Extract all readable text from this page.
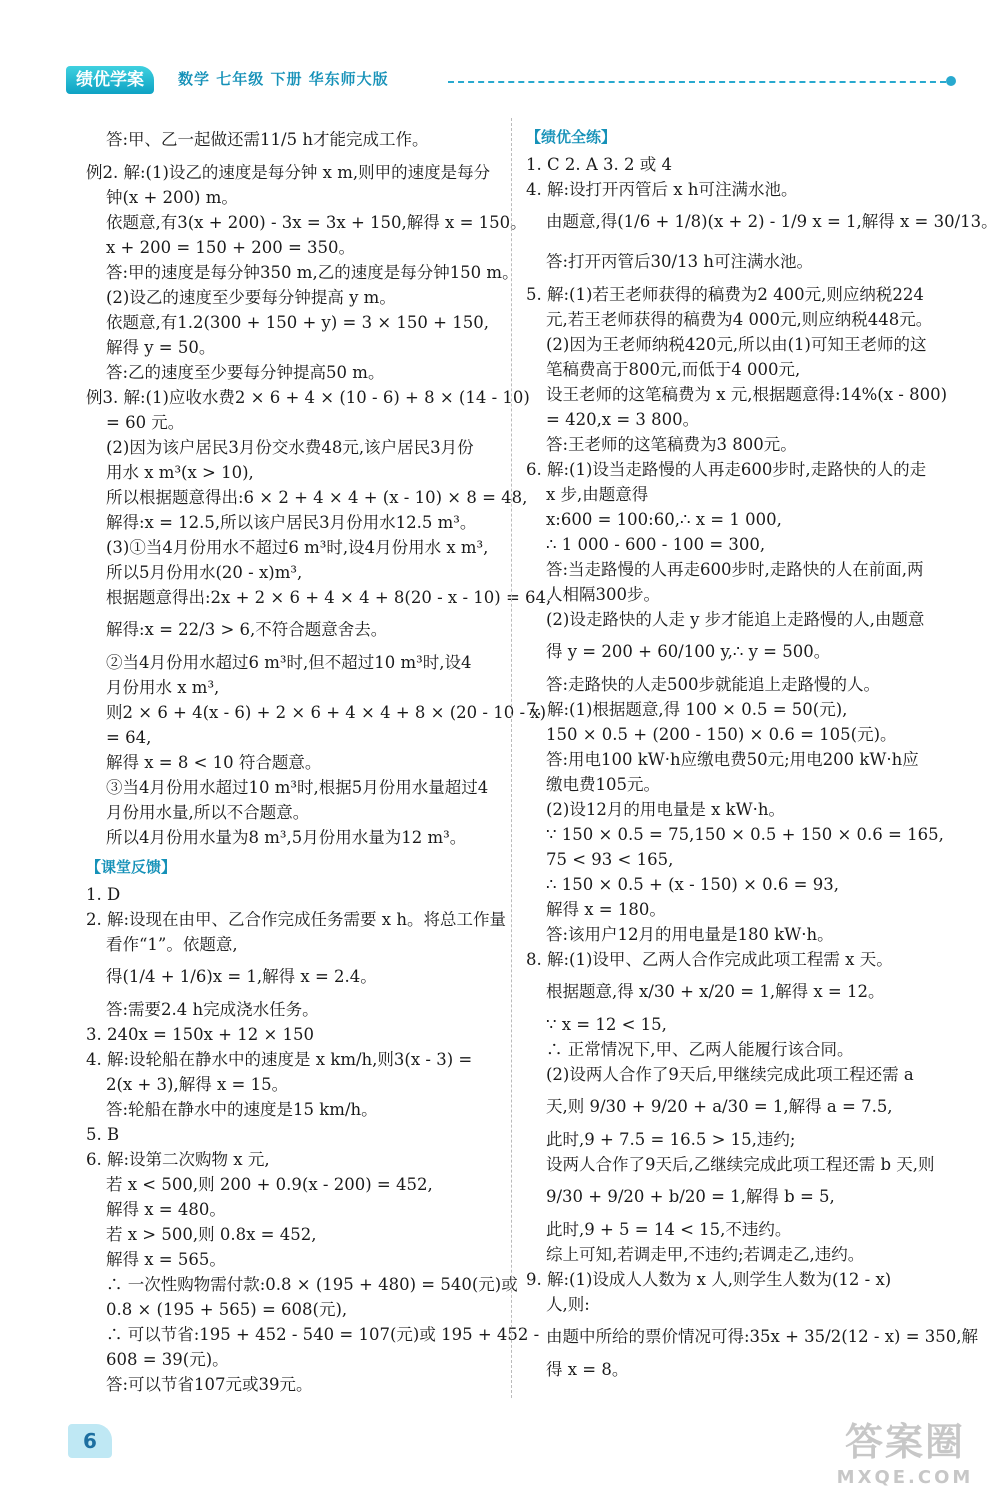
绩优学案	数学 七年级 下册 华东师大版

答:甲、乙一起做还需11/5 h才能完成工作。

例2. 解:(1)设乙的速度是每分钟 x m,则甲的速度是每分

钟(x + 200) m。

依题意,有3(x + 200) - 3x = 3x + 150,解得 x = 150。

x + 200 = 150 + 200 = 350。

答:甲的速度是每分钟350 m,乙的速度是每分钟150 m。

(2)设乙的速度至少要每分钟提高 y m。

依题意,有1.2(300 + 150 + y) = 3 × 150 + 150,

解得 y = 50。

答:乙的速度至少要每分钟提高50 m。

例3. 解:(1)应收水费2 × 6 + 4 × (10 - 6) + 8 × (14 - 10)

= 60 元。

(2)因为该户居民3月份交水费48元,该户居民3月份

用水 x m³(x > 10),

所以根据题意得出:6 × 2 + 4 × 4 + (x - 10) × 8 = 48,

解得:x = 12.5,所以该户居民3月份用水12.5 m³。

(3)①当4月份用水不超过6 m³时,设4月份用水 x m³,

所以5月份用水(20 - x)m³,

根据题意得出:2x + 2 × 6 + 4 × 4 + 8(20 - x - 10) = 64,

解得:x = 22/3 > 6,不符合题意舍去。

②当4月份用水超过6 m³时,但不超过10 m³时,设4

月份用水 x m³,

则2 × 6 + 4(x - 6) + 2 × 6 + 4 × 4 + 8 × (20 - 10 - x)

= 64,

解得 x = 8 < 10 符合题意。

③当4月份用水超过10 m³时,根据5月份用水量超过4

月份用水量,所以不合题意。

所以4月份用水量为8 m³,5月份用水量为12 m³。

【课堂反馈】

1. D

2. 解:设现在由甲、乙合作完成任务需要 x h。将总工作量

看作“1”。依题意,

得(1/4 + 1/6)x = 1,解得 x = 2.4。

答:需要2.4 h完成浇水任务。

3. 240x = 150x + 12 × 150

4. 解:设轮船在静水中的速度是 x km/h,则3(x - 3) =

2(x + 3),解得 x = 15。

答:轮船在静水中的速度是15 km/h。

5. B

6. 解:设第二次购物 x 元,

若 x < 500,则 200 + 0.9(x - 200) = 452,

解得 x = 480。

若 x > 500,则 0.8x = 452,

解得 x = 565。

∴ 一次性购物需付款:0.8 × (195 + 480) = 540(元)或

0.8 × (195 + 565) = 608(元),

∴ 可以节省:195 + 452 - 540 = 107(元)或 195 + 452 -

608 = 39(元)。

答:可以节省107元或39元。

【绩优全练】

1. C 2. A 3. 2 或 4

4. 解:设打开丙管后 x h可注满水池。

由题意,得(1/6 + 1/8)(x + 2) - 1/9 x = 1,解得 x = 30/13。

答:打开丙管后30/13 h可注满水池。

5. 解:(1)若王老师获得的稿费为2 400元,则应纳税224

元,若王老师获得的稿费为4 000元,则应纳税448元。

(2)因为王老师纳税420元,所以由(1)可知王老师的这

笔稿费高于800元,而低于4 000元,

设王老师的这笔稿费为 x 元,根据题意得:14%(x - 800)

= 420,x = 3 800。

答:王老师的这笔稿费为3 800元。

6. 解:(1)设当走路慢的人再走600步时,走路快的人的走

x 步,由题意得

x:600 = 100:60,∴ x = 1 000,

∴ 1 000 - 600 - 100 = 300,

答:当走路慢的人再走600步时,走路快的人在前面,两

人相隔300步。

(2)设走路快的人走 y 步才能追上走路慢的人,由题意

得 y = 200 + 60/100 y,∴ y = 500。

答:走路快的人走500步就能追上走路慢的人。

7. 解:(1)根据题意,得 100 × 0.5 = 50(元),

150 × 0.5 + (200 - 150) × 0.6 = 105(元)。

答:用电100 kW·h应缴电费50元;用电200 kW·h应

缴电费105元。

(2)设12月的用电量是 x kW·h。

∵ 150 × 0.5 = 75,150 × 0.5 + 150 × 0.6 = 165,

75 < 93 < 165,

∴ 150 × 0.5 + (x - 150) × 0.6 = 93,

解得 x = 180。

答:该用户12月的用电量是180 kW·h。

8. 解:(1)设甲、乙两人合作完成此项工程需 x 天。

根据题意,得 x/30 + x/20 = 1,解得 x = 12。

∵ x = 12 < 15,

∴ 正常情况下,甲、乙两人能履行该合同。

(2)设两人合作了9天后,甲继续完成此项工程还需 a

天,则 9/30 + 9/20 + a/30 = 1,解得 a = 7.5,

此时,9 + 7.5 = 16.5 > 15,违约;

设两人合作了9天后,乙继续完成此项工程还需 b 天,则

9/30 + 9/20 + b/20 = 1,解得 b = 5,

此时,9 + 5 = 14 < 15,不违约。

综上可知,若调走甲,不违约;若调走乙,违约。

9. 解:(1)设成人人数为 x 人,则学生人数为(12 - x)

人,则:

由题中所给的票价情况可得:35x + 35/2(12 - x) = 350,解

得 x = 8。

6	答案圈
MXQE.COM
